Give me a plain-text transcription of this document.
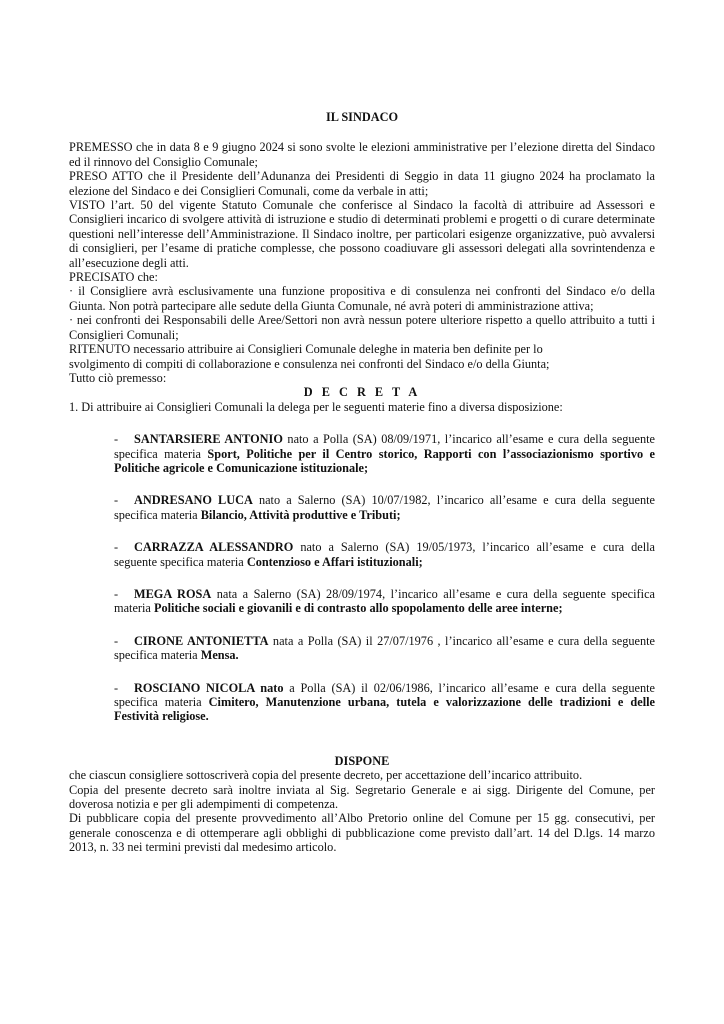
IL SINDACO

PREMESSO che in data 8 e 9 giugno 2024 si sono svolte le elezioni amministrative per l’elezione diretta del Sindaco ed il rinnovo del Consiglio Comunale;

PRESO ATTO che il Presidente dell’Adunanza dei Presidenti di Seggio in data 11 giugno 2024 ha proclamato la elezione del Sindaco e dei Consiglieri Comunali, come da verbale in atti;

VISTO l’art. 50 del vigente Statuto Comunale che conferisce al Sindaco la facoltà di attribuire ad Assessori e Consiglieri incarico di svolgere attività di istruzione e studio di determinati problemi e progetti o di curare determinate questioni nell’interesse dell’Amministrazione. Il Sindaco inoltre, per particolari esigenze organizzative, può avvalersi di consiglieri, per l’esame di pratiche complesse, che possono coadiuvare gli assessori delegati alla sovrintendenza e all’esecuzione degli atti.

PRECISATO che:

· il Consigliere avrà esclusivamente una funzione propositiva e di consulenza nei confronti del Sindaco e/o della Giunta. Non potrà partecipare alle sedute della Giunta Comunale, né avrà poteri di amministrazione attiva;

· nei confronti dei Responsabili delle Aree/Settori non avrà nessun potere ulteriore rispetto a quello attribuito a tutti i Consiglieri Comunali;

RITENUTO necessario attribuire ai Consiglieri Comunale deleghe in materia ben definite per lo

svolgimento di compiti di collaborazione e consulenza nei confronti del Sindaco e/o della Giunta;

Tutto ciò premesso:

D E C R E T A

1. Di attribuire ai Consiglieri Comunali la delega per le seguenti materie fino a diversa disposizione:

- SANTARSIERE ANTONIO nato a Polla (SA) 08/09/1971, l’incarico all’esame e cura della seguente specifica materia Sport, Politiche per il Centro storico, Rapporti con l’associazionismo sportivo e Politiche agricole e Comunicazione istituzionale;

- ANDRESANO LUCA nato a Salerno (SA) 10/07/1982, l’incarico all’esame e cura della seguente specifica materia Bilancio, Attività produttive e Tributi;

- CARRAZZA ALESSANDRO nato a Salerno (SA) 19/05/1973, l’incarico all’esame e cura della seguente specifica materia Contenzioso e Affari istituzionali;

- MEGA ROSA nata a Salerno (SA) 28/09/1974, l’incarico all’esame e cura della seguente specifica materia Politiche sociali e giovanili e di contrasto allo spopolamento delle aree interne;

- CIRONE ANTONIETTA nata a Polla (SA) il 27/07/1976 , l’incarico all’esame e cura della seguente specifica materia Mensa.

- ROSCIANO NICOLA nato a Polla (SA) il 02/06/1986, l’incarico all’esame e cura della seguente specifica materia Cimitero, Manutenzione urbana, tutela e valorizzazione delle tradizioni e delle Festività religiose.

DISPONE

che ciascun consigliere sottoscriverà copia del presente decreto, per accettazione dell’incarico attribuito.

Copia del presente decreto sarà inoltre inviata al Sig. Segretario Generale e ai sigg. Dirigente del Comune, per doverosa notizia e per gli adempimenti di competenza.

Di pubblicare copia del presente provvedimento all’Albo Pretorio online del Comune per 15 gg. consecutivi, per generale conoscenza e di ottemperare agli obblighi di pubblicazione come previsto dall’art. 14 del D.lgs. 14 marzo 2013, n. 33 nei termini previsti dal medesimo articolo.
